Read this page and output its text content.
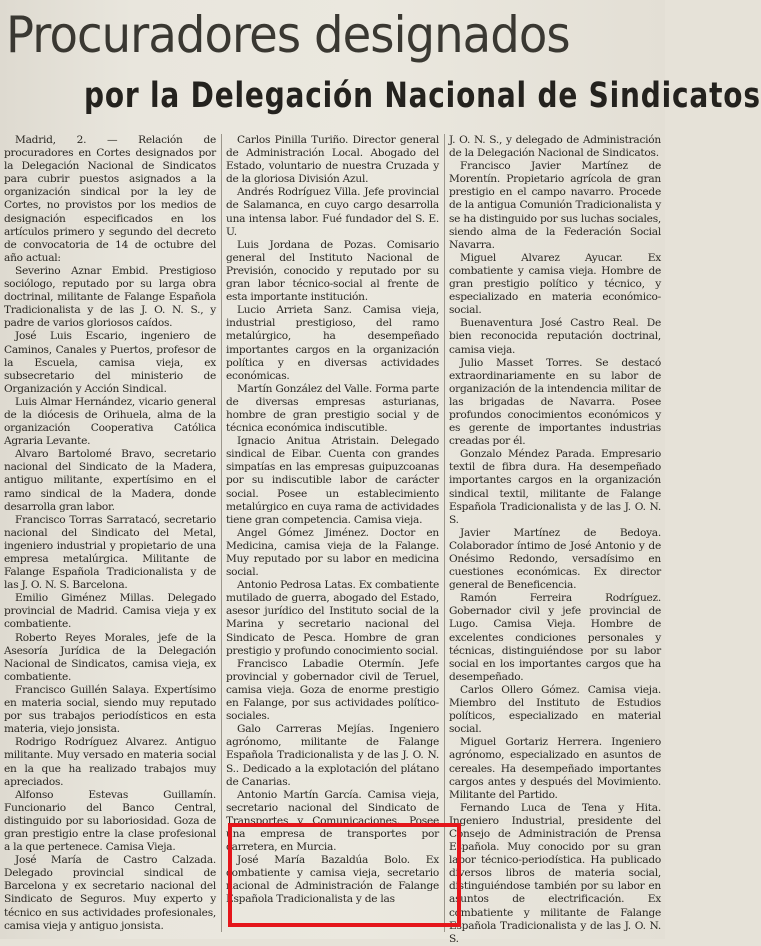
Procuradores designados
por la Delegación Nacional de Sindicatos

Madrid, 2. — Relación de procuradores en Cortes designados por la Delegación Nacional de Sindicatos para cubrir puestos asignados a la organización sindical por la ley de Cortes, no provistos por los medios de designación especificados en los artículos primero y segundo del decreto de convocatoria de 14 de octubre del año actual:

Severino Aznar Embid. Prestigioso sociólogo, reputado por su larga obra doctrinal, militante de Falange Española Tradicionalista y de las J. O. N. S., y padre de varios gloriosos caídos.

José Luis Escario, ingeniero de Caminos, Canales y Puertos, profesor de la Escuela, camisa vieja, ex subsecretario del ministerio de Organización y Acción Sindical.

Luis Almar Hernández, vicario general de la diócesis de Orihuela, alma de la organización Cooperativa Católica Agraria Levante.

Alvaro Bartolomé Bravo, secretario nacional del Sindicato de la Madera, antiguo militante, expertísimo en el ramo sindical de la Madera, donde desarrolla gran labor.

Francisco Torras Sarratacó, secretario nacional del Sindicato del Metal, ingeniero industrial y propietario de una empresa metalúrgica. Militante de Falange Española Tradicionalista y de las J. O. N. S. Barcelona.

Emilio Giménez Millas. Delegado provincial de Madrid. Camisa vieja y ex combatiente.

Roberto Reyes Morales, jefe de la Asesoría Jurídica de la Delegación Nacional de Sindicatos, camisa vieja, ex combatiente.

Francisco Guillén Salaya. Expertísimo en materia social, siendo muy reputado por sus trabajos periodísticos en esta materia, viejo jonsista.

Rodrigo Rodríguez Alvarez. Antiguo militante. Muy versado en materia social en la que ha realizado trabajos muy apreciados.

Alfonso Estevas Guillamín. Funcionario del Banco Central, distinguido por su laboriosidad. Goza de gran prestigio entre la clase profesional a la que pertenece. Camisa Vieja.

José María de Castro Calzada. Delegado provincial sindical de Barcelona y ex secretario nacional del Sindicato de Seguros. Muy experto y técnico en sus actividades profesionales, camisa vieja y antiguo jonsista.

Carlos Pinilla Turiño. Director general de Administración Local. Abogado del Estado, voluntario de nuestra Cruzada y de la gloriosa División Azul.

Andrés Rodríguez Villa. Jefe provincial de Salamanca, en cuyo cargo desarrolla una intensa labor. Fué fundador del S. E. U.

Luis Jordana de Pozas. Comisario general del Instituto Nacional de Previsión, conocido y reputado por su gran labor técnico-social al frente de esta importante institución.

Lucio Arrieta Sanz. Camisa vieja, industrial prestigioso, del ramo metalúrgico, ha desempeñado importantes cargos en la organización política y en diversas actividades económicas.

Martín González del Valle. Forma parte de diversas empresas asturianas, hombre de gran prestigio social y de técnica económica indiscutible.

Ignacio Anitua Atristain. Delegado sindical de Eibar. Cuenta con grandes simpatías en las empresas guipuzcoanas por su indiscutible labor de carácter social. Posee un establecimiento metalúrgico en cuya rama de actividades tiene gran competencia. Camisa vieja.

Angel Gómez Jiménez. Doctor en Medicina, camisa vieja de la Falange. Muy reputado por su labor en medicina social.

Antonio Pedrosa Latas. Ex combatiente mutilado de guerra, abogado del Estado, asesor jurídico del Instituto social de la Marina y secretario nacional del Sindicato de Pesca. Hombre de gran prestigio y profundo conocimiento social.

Francisco Labadie Otermín. Jefe provincial y gobernador civil de Teruel, camisa vieja. Goza de enorme prestigio en Falange, por sus actividades político-sociales.

Galo Carreras Mejías. Ingeniero agrónomo, militante de Falange Española Tradicionalista y de las J. O. N. S.. Dedicado a la explotación del plátano de Canarias.

Antonio Martín García. Camisa vieja, secretario nacional del Sindicato de Transportes y Comunicaciones. Posee una empresa de transportes por carretera, en Murcia.

José María Bazaldúa Bolo. Ex combatiente y camisa vieja, secretario nacional de Administración de Falange Española Tradicionalista y de las

J. O. N. S., y delegado de Administración de la Delegación Nacional de Sindicatos.

Francisco Javier Martínez de Morentín. Propietario agrícola de gran prestigio en el campo navarro. Procede de la antigua Comunión Tradicionalista y se ha distinguido por sus luchas sociales, siendo alma de la Federación Social Navarra.

Miguel Alvarez Ayucar. Ex combatiente y camisa vieja. Hombre de gran prestigio político y técnico, y especializado en materia económico-social.

Buenaventura José Castro Real. De bien reconocida reputación doctrinal, camisa vieja.

Julio Masset Torres. Se destacó extraordinariamente en su labor de organización de la intendencia militar de las brigadas de Navarra. Posee profundos conocimientos económicos y es gerente de importantes industrias creadas por él.

Gonzalo Méndez Parada. Empresario textil de fibra dura. Ha desempeñado importantes cargos en la organización sindical textil, militante de Falange Española Tradicionalista y de las J. O. N. S.

Javier Martínez de Bedoya. Colaborador íntimo de José Antonio y de Onésimo Redondo, versadísimo en cuestiones económicas. Ex director general de Beneficencia.

Ramón Ferreira Rodríguez. Gobernador civil y jefe provincial de Lugo. Camisa Vieja. Hombre de excelentes condiciones personales y técnicas, distinguiéndose por su labor social en los importantes cargos que ha desempeñado.

Carlos Ollero Gómez. Camisa vieja. Miembro del Instituto de Estudios políticos, especializado en material social.

Miguel Gortariz Herrera. Ingeniero agrónomo, especializado en asuntos de cereales. Ha desempeñado importantes cargos antes y después del Movimiento. Militante del Partido.

Fernando Luca de Tena y Hita. Ingeniero Industrial, presidente del Consejo de Administración de Prensa Española. Muy conocido por su gran labor técnico-periodística. Ha publicado diversos libros de materia social, distinguiéndose también por su labor en asuntos de electrificación. Ex combatiente y militante de Falange Española Tradicionalista y de las J. O. N. S.
